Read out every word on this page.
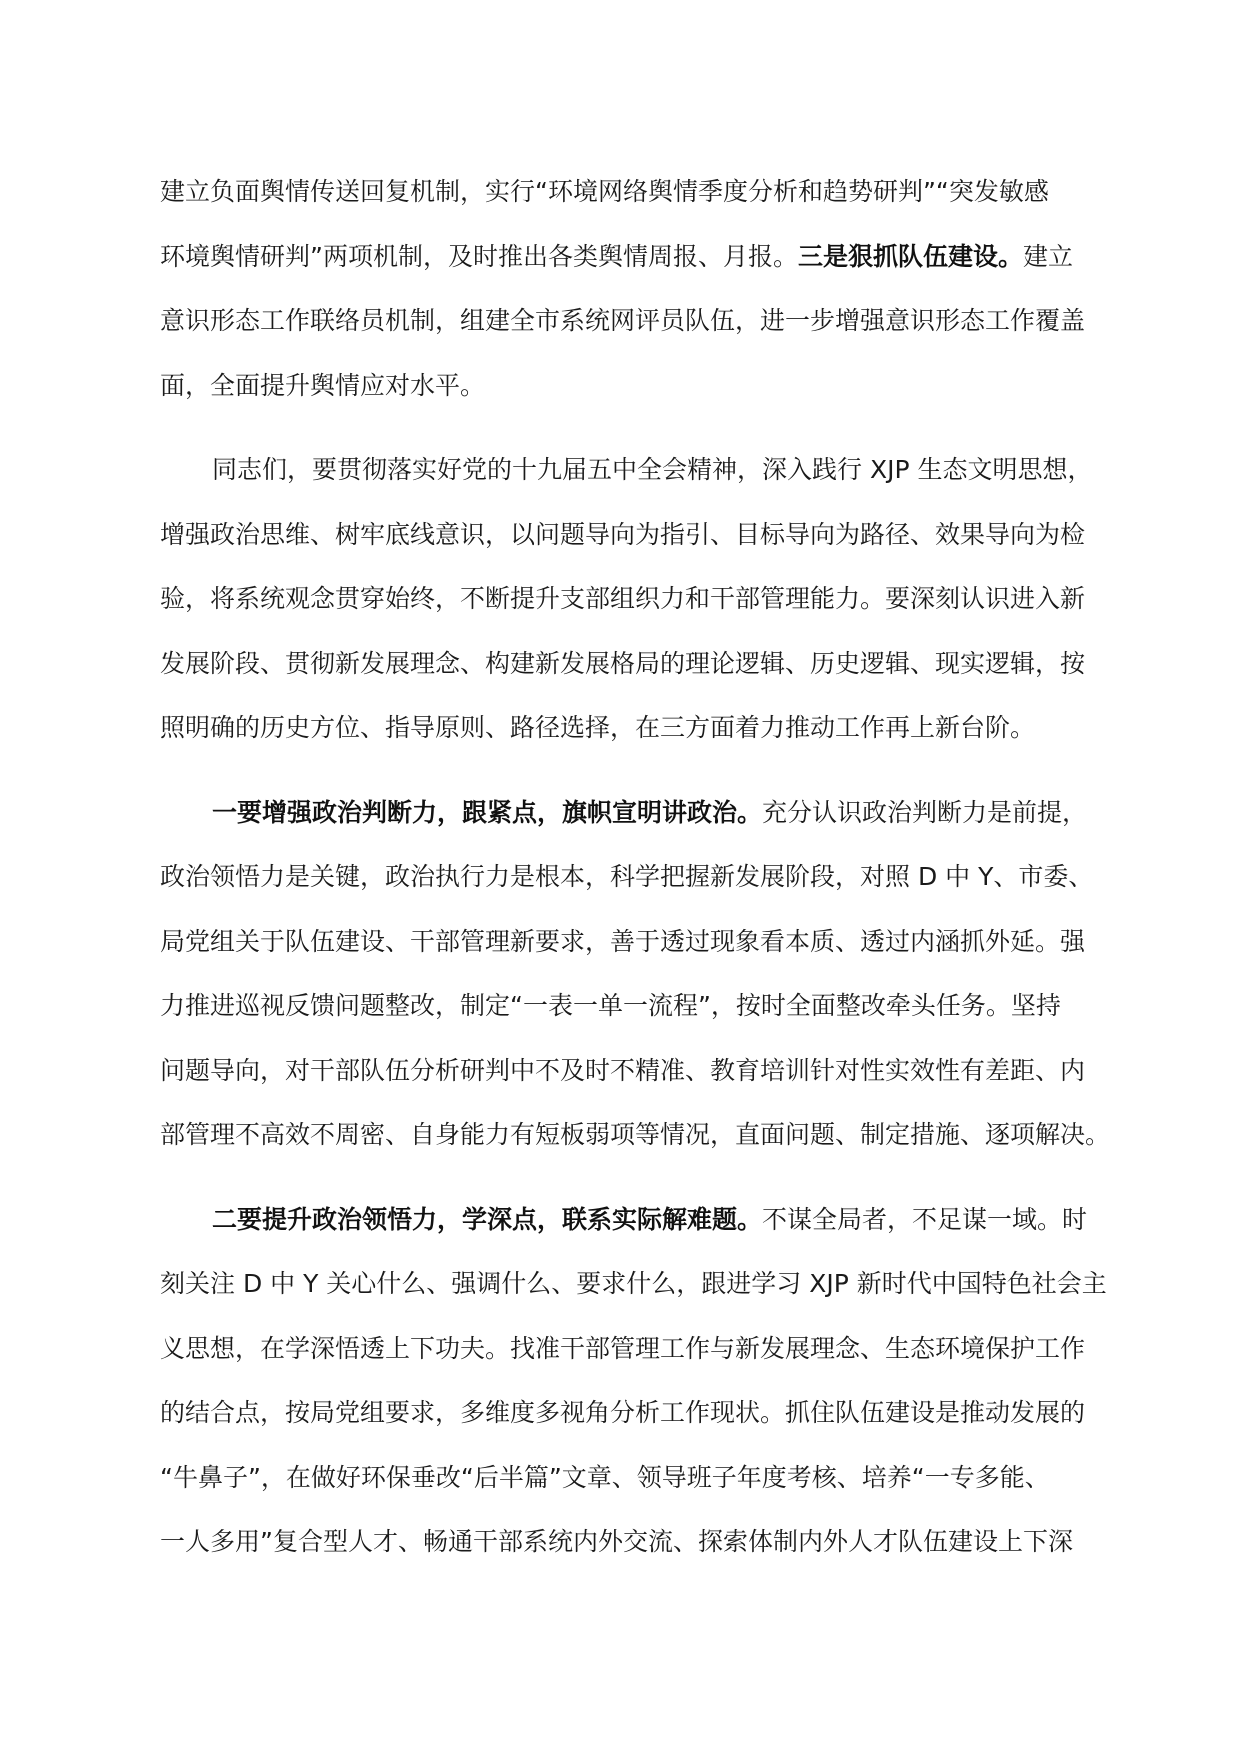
建立负面舆情传送回复机制，实行“环境网络舆情季度分析和趋势研判”“突发敏感
环境舆情研判”两项机制，及时推出各类舆情周报、月报。三是狠抓队伍建设。建立
意识形态工作联络员机制，组建全市系统网评员队伍，进一步增强意识形态工作覆盖
面，全面提升舆情应对水平。
同志们，要贯彻落实好党的十九届五中全会精神，深入践行 XJP 生态文明思想，
增强政治思维、树牢底线意识，以问题导向为指引、目标导向为路径、效果导向为检
验，将系统观念贯穿始终，不断提升支部组织力和干部管理能力。要深刻认识进入新
发展阶段、贯彻新发展理念、构建新发展格局的理论逻辑、历史逻辑、现实逻辑，按
照明确的历史方位、指导原则、路径选择，在三方面着力推动工作再上新台阶。
一要增强政治判断力，跟紧点，旗帜宣明讲政治。充分认识政治判断力是前提，
政治领悟力是关键，政治执行力是根本，科学把握新发展阶段，对照 D 中 Y、市委、
局党组关于队伍建设、干部管理新要求，善于透过现象看本质、透过内涵抓外延。强
力推进巡视反馈问题整改，制定“一表一单一流程”，按时全面整改牵头任务。坚持
问题导向，对干部队伍分析研判中不及时不精准、教育培训针对性实效性有差距、内
部管理不高效不周密、自身能力有短板弱项等情况，直面问题、制定措施、逐项解决。
二要提升政治领悟力，学深点，联系实际解难题。不谋全局者，不足谋一域。时
刻关注 D 中 Y 关心什么、强调什么、要求什么，跟进学习 XJP 新时代中国特色社会主
义思想，在学深悟透上下功夫。找准干部管理工作与新发展理念、生态环境保护工作
的结合点，按局党组要求，多维度多视角分析工作现状。抓住队伍建设是推动发展的
“牛鼻子”，在做好环保垂改“后半篇”文章、领导班子年度考核、培养“一专多能、
一人多用”复合型人才、畅通干部系统内外交流、探索体制内外人才队伍建设上下深
